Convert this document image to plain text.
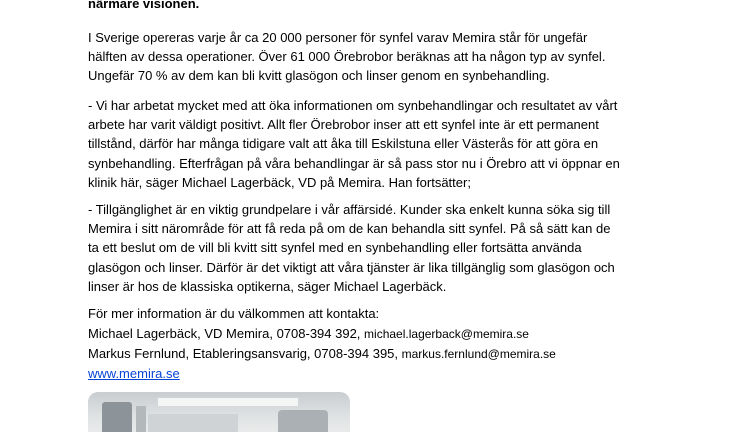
närmare visionen.

I Sverige opereras varje år ca 20 000 personer för synfel varav Memira står för ungefär
hälften av dessa operationer. Över 61 000 Örebrobor beräknas att ha någon typ av synfel.
Ungefär 70 % av dem kan bli kvitt glasögon och linser genom en synbehandling.

- Vi har arbetat mycket med att öka informationen om synbehandlingar och resultatet av vårt
arbete har varit väldigt positivt. Allt fler Örebrobor inser att ett synfel inte är ett permanent
tillstånd, därför har många tidigare valt att åka till Eskilstuna eller Västerås för att göra en
synbehandling. Efterfrågan på våra behandlingar är så pass stor nu i Örebro att vi öppnar en
klinik här, säger Michael Lagerbäck, VD på Memira. Han fortsätter;

- Tillgänglighet är en viktig grundpelare i vår affärsidé. Kunder ska enkelt kunna söka sig till
Memira i sitt närområde för att få reda på om de kan behandla sitt synfel. På så sätt kan de
ta ett beslut om de vill bli kvitt sitt synfel med en synbehandling eller fortsätta använda
glasögon och linser. Därför är det viktigt att våra tjänster är lika tillgänglig som glasögon och
linser är hos de klassiska optikerna, säger Michael Lagerbäck.

För mer information är du välkommen att kontakta:
Michael Lagerbäck, VD Memira, 0708-394 392, michael.lagerback@memira.se
Markus Fernlund, Etableringsansvarig, 0708-394 395, markus.fernlund@memira.se
www.memira.se
